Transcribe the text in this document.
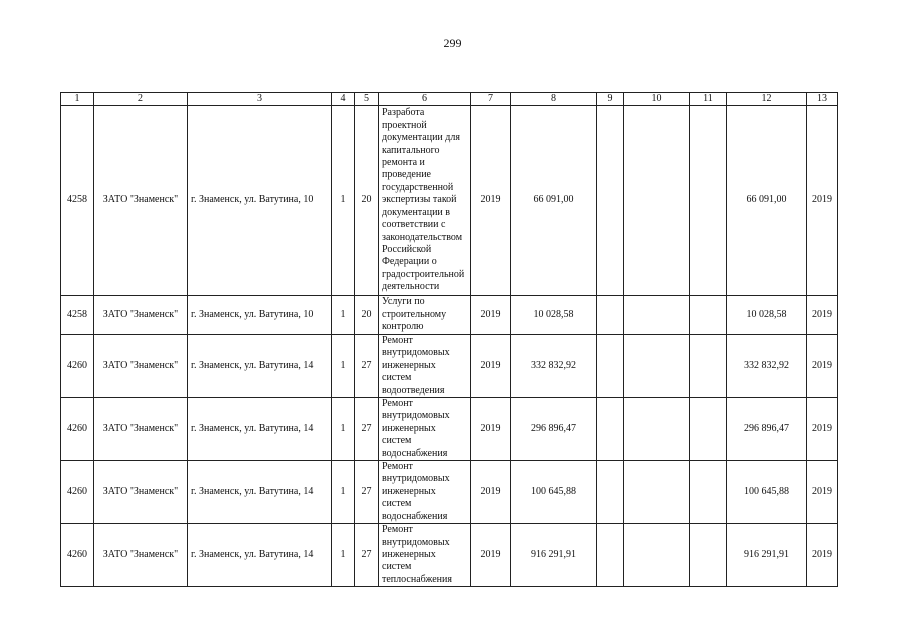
299
1	2	3	4	5	6	7	8	9	10	11	12	13
4258	ЗАТО "Знаменск"	г. Знаменск, ул. Ватутина, 10	1	20	Разработа проектной документации для капитального ремонта и проведение государственной экспертизы такой документации в соответствии с законодательством Российской Федерации о градостроительной деятельности	2019	66 091,00				66 091,00	2019
4258	ЗАТО "Знаменск"	г. Знаменск, ул. Ватутина, 10	1	20	Услуги по строительному контролю	2019	10 028,58				10 028,58	2019
4260	ЗАТО "Знаменск"	г. Знаменск, ул. Ватутина, 14	1	27	Ремонт внутридомовых инженерных систем водоотведения	2019	332 832,92				332 832,92	2019
4260	ЗАТО "Знаменск"	г. Знаменск, ул. Ватутина, 14	1	27	Ремонт внутридомовых инженерных систем водоснабжения	2019	296 896,47				296 896,47	2019
4260	ЗАТО "Знаменск"	г. Знаменск, ул. Ватутина, 14	1	27	Ремонт внутридомовых инженерных систем водоснабжения	2019	100 645,88				100 645,88	2019
4260	ЗАТО "Знаменск"	г. Знаменск, ул. Ватутина, 14	1	27	Ремонт внутридомовых инженерных систем теплоснабжения	2019	916 291,91				916 291,91	2019
